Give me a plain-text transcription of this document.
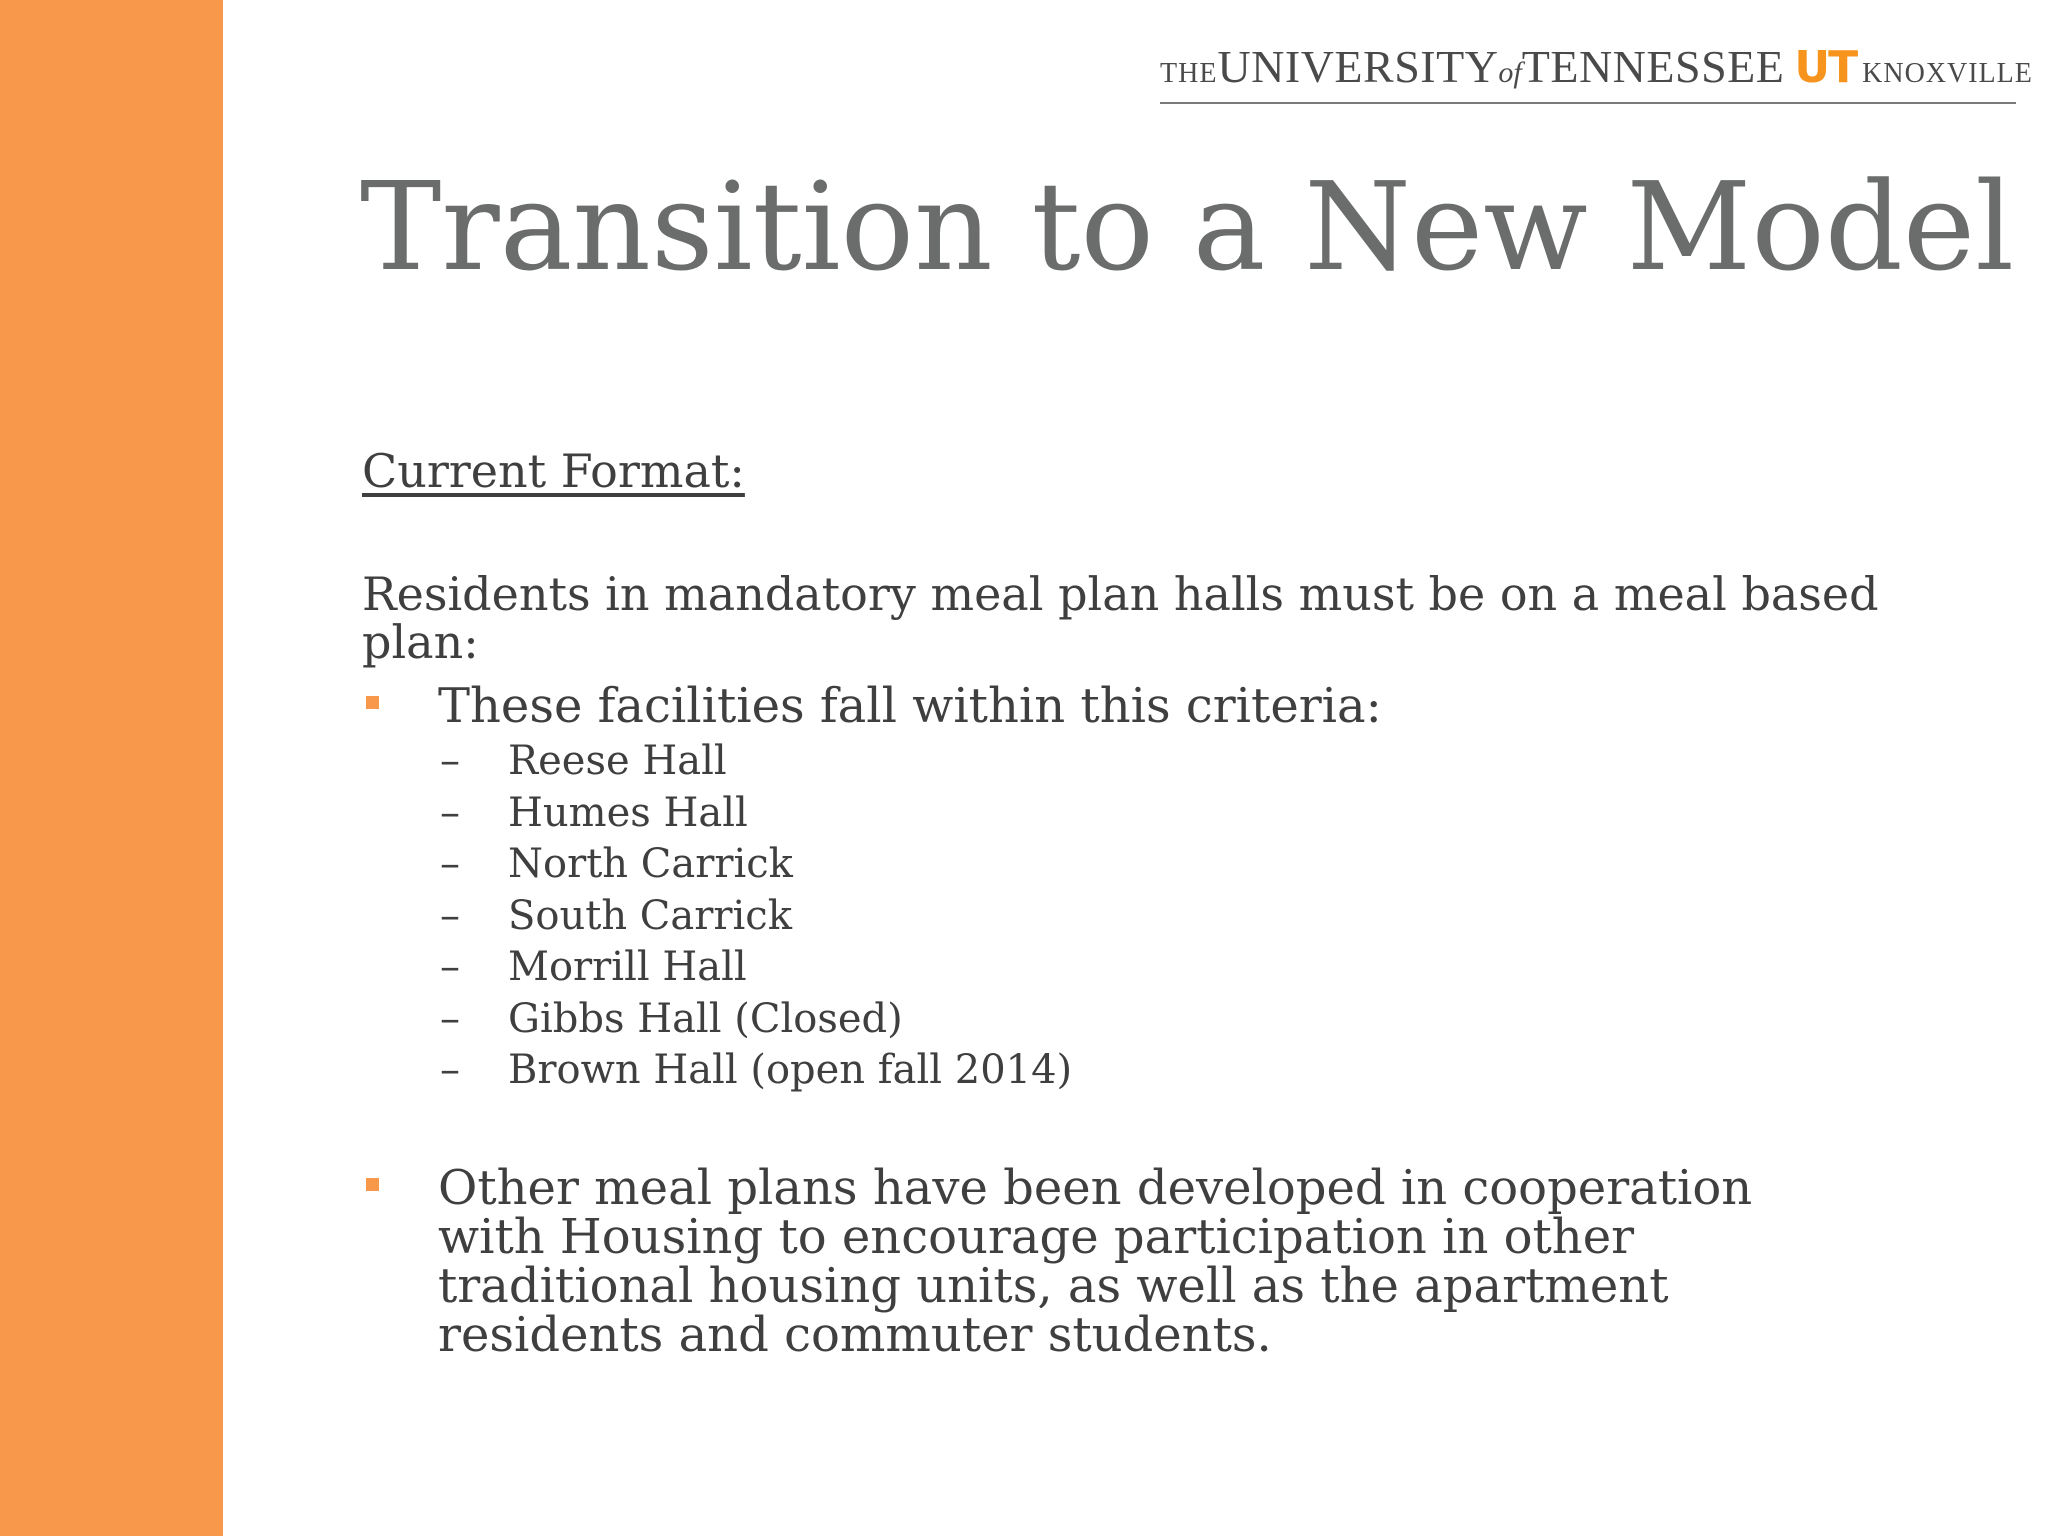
THEUNIVERSITYofTENNESSEE UT KNOXVILLE
Transition to a New Model
Current Format:
Residents in mandatory meal plan halls must be on a meal based plan:
These facilities fall within this criteria:
– Reese Hall
– Humes Hall
– North Carrick
– South Carrick
– Morrill Hall
– Gibbs Hall (Closed)
– Brown Hall (open fall 2014)
Other meal plans have been developed in cooperation with Housing to encourage participation in other traditional housing units, as well as the apartment residents and commuter students.
